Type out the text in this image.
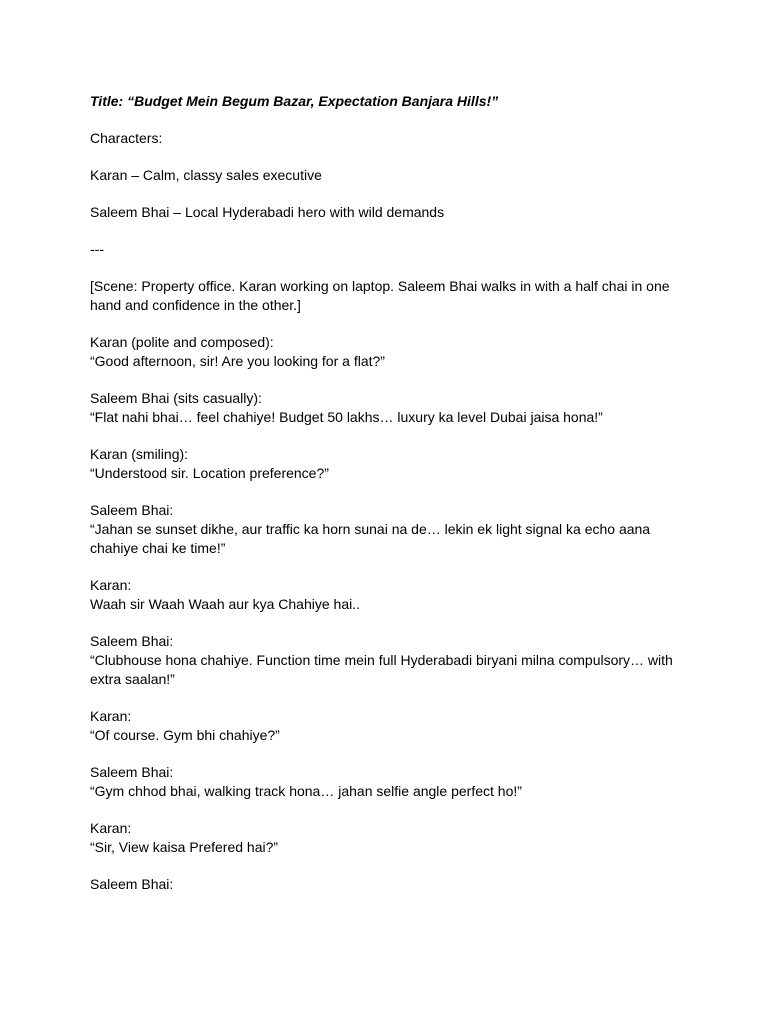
Title: “Budget Mein Begum Bazar, Expectation Banjara Hills!”
Characters:
Karan – Calm, classy sales executive
Saleem Bhai – Local Hyderabadi hero with wild demands
---
[Scene: Property office. Karan working on laptop. Saleem Bhai walks in with a half chai in one hand and confidence in the other.]
Karan (polite and composed):
“Good afternoon, sir! Are you looking for a flat?”
Saleem Bhai (sits casually):
“Flat nahi bhai… feel chahiye! Budget 50 lakhs… luxury ka level Dubai jaisa hona!”
Karan (smiling):
“Understood sir. Location preference?”
Saleem Bhai:
“Jahan se sunset dikhe, aur traffic ka horn sunai na de… lekin ek light signal ka echo aana chahiye chai ke time!”
Karan:
Waah sir Waah Waah aur kya Chahiye hai..
Saleem Bhai:
“Clubhouse hona chahiye. Function time mein full Hyderabadi biryani milna compulsory… with extra saalan!”
Karan:
“Of course. Gym bhi chahiye?”
Saleem Bhai:
“Gym chhod bhai, walking track hona… jahan selfie angle perfect ho!”
Karan:
“Sir, View kaisa Prefered hai?”
Saleem Bhai:
